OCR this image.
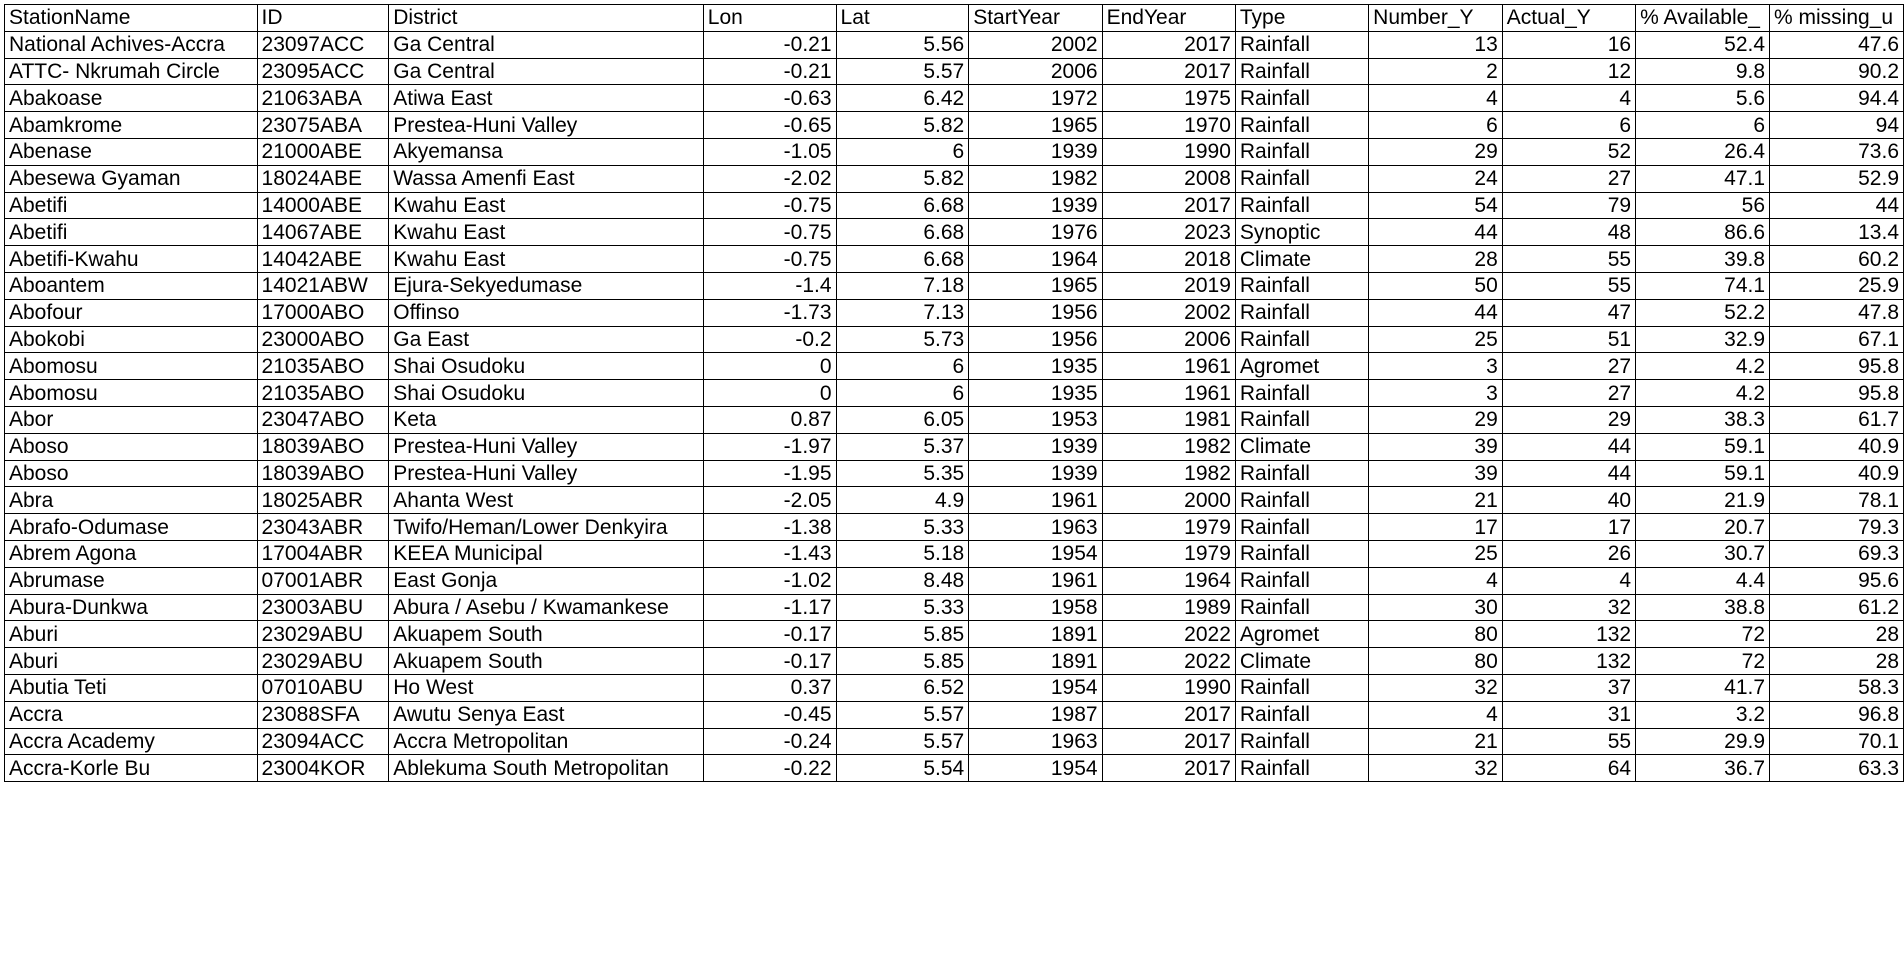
StationName	ID	District	Lon	Lat	StartYear	EndYear	Type	Number_Y	Actual_Y	% Available_	% missing_u
National Achives-Accra	23097ACC	Ga Central	-0.21	5.56	2002	2017	Rainfall	13	16	52.4	47.6
ATTC- Nkrumah Circle	23095ACC	Ga Central	-0.21	5.57	2006	2017	Rainfall	2	12	9.8	90.2
Abakoase	21063ABA	Atiwa East	-0.63	6.42	1972	1975	Rainfall	4	4	5.6	94.4
Abamkrome	23075ABA	Prestea-Huni Valley	-0.65	5.82	1965	1970	Rainfall	6	6	6	94
Abenase	21000ABE	Akyemansa	-1.05	6	1939	1990	Rainfall	29	52	26.4	73.6
Abesewa Gyaman	18024ABE	Wassa Amenfi East	-2.02	5.82	1982	2008	Rainfall	24	27	47.1	52.9
Abetifi	14000ABE	Kwahu East	-0.75	6.68	1939	2017	Rainfall	54	79	56	44
Abetifi	14067ABE	Kwahu East	-0.75	6.68	1976	2023	Synoptic	44	48	86.6	13.4
Abetifi-Kwahu	14042ABE	Kwahu East	-0.75	6.68	1964	2018	Climate	28	55	39.8	60.2
Aboantem	14021ABW	Ejura-Sekyedumase	-1.4	7.18	1965	2019	Rainfall	50	55	74.1	25.9
Abofour	17000ABO	Offinso	-1.73	7.13	1956	2002	Rainfall	44	47	52.2	47.8
Abokobi	23000ABO	Ga East	-0.2	5.73	1956	2006	Rainfall	25	51	32.9	67.1
Abomosu	21035ABO	Shai Osudoku	0	6	1935	1961	Agromet	3	27	4.2	95.8
Abomosu	21035ABO	Shai Osudoku	0	6	1935	1961	Rainfall	3	27	4.2	95.8
Abor	23047ABO	Keta	0.87	6.05	1953	1981	Rainfall	29	29	38.3	61.7
Aboso	18039ABO	Prestea-Huni Valley	-1.97	5.37	1939	1982	Climate	39	44	59.1	40.9
Aboso	18039ABO	Prestea-Huni Valley	-1.95	5.35	1939	1982	Rainfall	39	44	59.1	40.9
Abra	18025ABR	Ahanta West	-2.05	4.9	1961	2000	Rainfall	21	40	21.9	78.1
Abrafo-Odumase	23043ABR	Twifo/Heman/Lower Denkyira	-1.38	5.33	1963	1979	Rainfall	17	17	20.7	79.3
Abrem Agona	17004ABR	KEEA Municipal	-1.43	5.18	1954	1979	Rainfall	25	26	30.7	69.3
Abrumase	07001ABR	East Gonja	-1.02	8.48	1961	1964	Rainfall	4	4	4.4	95.6
Abura-Dunkwa	23003ABU	Abura / Asebu / Kwamankese	-1.17	5.33	1958	1989	Rainfall	30	32	38.8	61.2
Aburi	23029ABU	Akuapem South	-0.17	5.85	1891	2022	Agromet	80	132	72	28
Aburi	23029ABU	Akuapem South	-0.17	5.85	1891	2022	Climate	80	132	72	28
Abutia Teti	07010ABU	Ho West	0.37	6.52	1954	1990	Rainfall	32	37	41.7	58.3
Accra	23088SFA	Awutu Senya East	-0.45	5.57	1987	2017	Rainfall	4	31	3.2	96.8
Accra Academy	23094ACC	Accra Metropolitan	-0.24	5.57	1963	2017	Rainfall	21	55	29.9	70.1
Accra-Korle Bu	23004KOR	Ablekuma South Metropolitan	-0.22	5.54	1954	2017	Rainfall	32	64	36.7	63.3
